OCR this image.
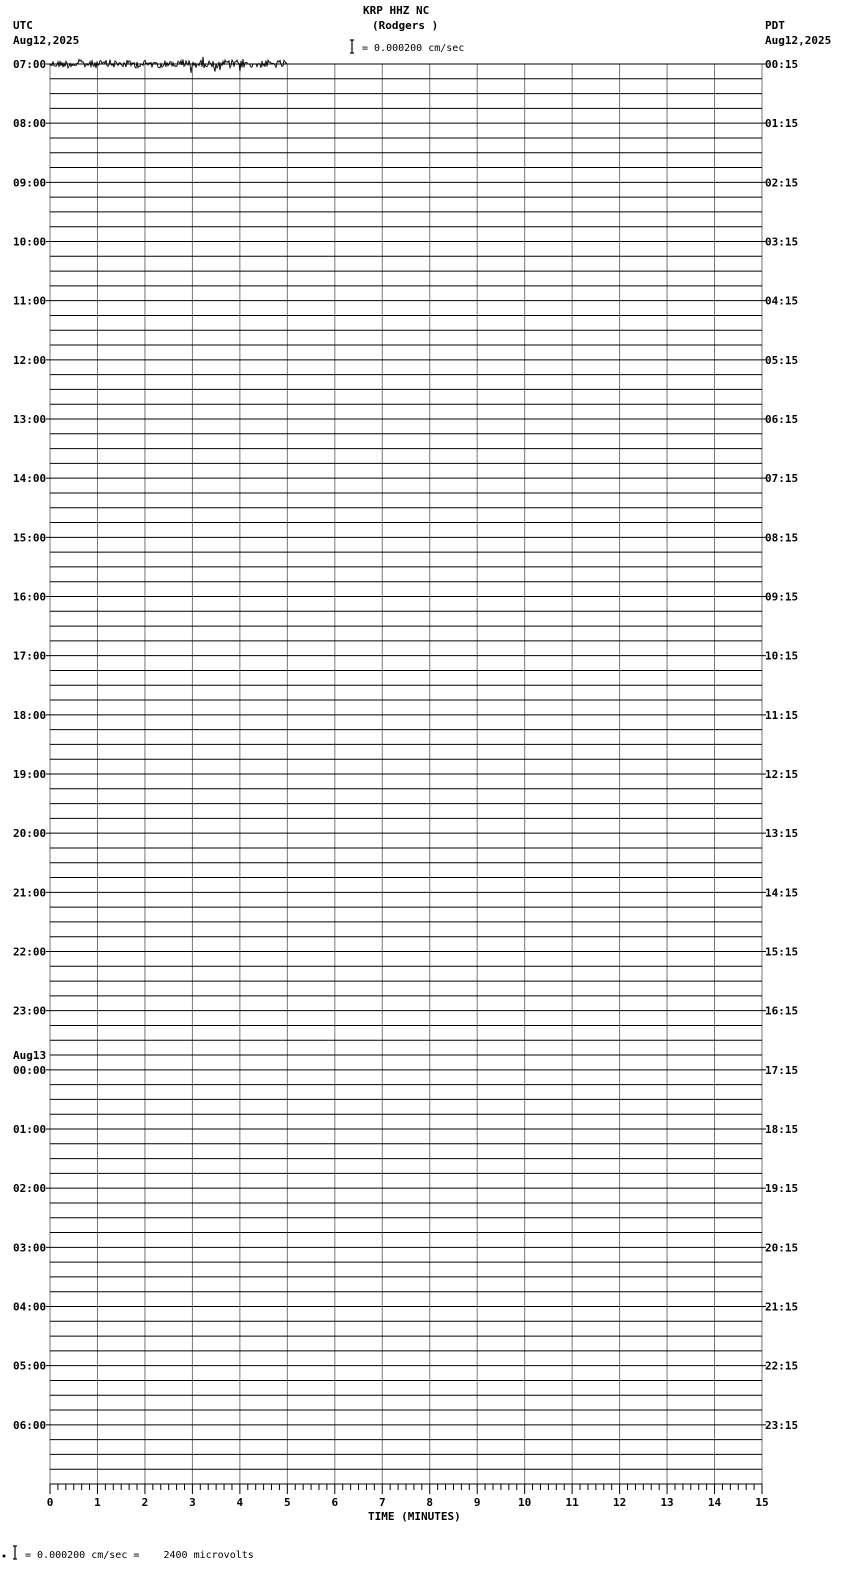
KRP HHZ NC
(Rodgers )
= 0.000200 cm/sec
UTC
Aug12,2025
PDT
Aug12,2025
Aug13
TIME (MINUTES)
= 0.000200 cm/sec =    2400 microvolts
07:00
08:00
09:00
10:00
11:00
12:00
13:00
14:00
15:00
16:00
17:00
18:00
19:00
20:00
21:00
22:00
23:00
00:00
01:00
02:00
03:00
04:00
05:00
06:00
00:15
01:15
02:15
03:15
04:15
05:15
06:15
07:15
08:15
09:15
10:15
11:15
12:15
13:15
14:15
15:15
16:15
17:15
18:15
19:15
20:15
21:15
22:15
23:15
0	1	2	3	4	5	6	7	8	9	10	11	12	13	14	15
